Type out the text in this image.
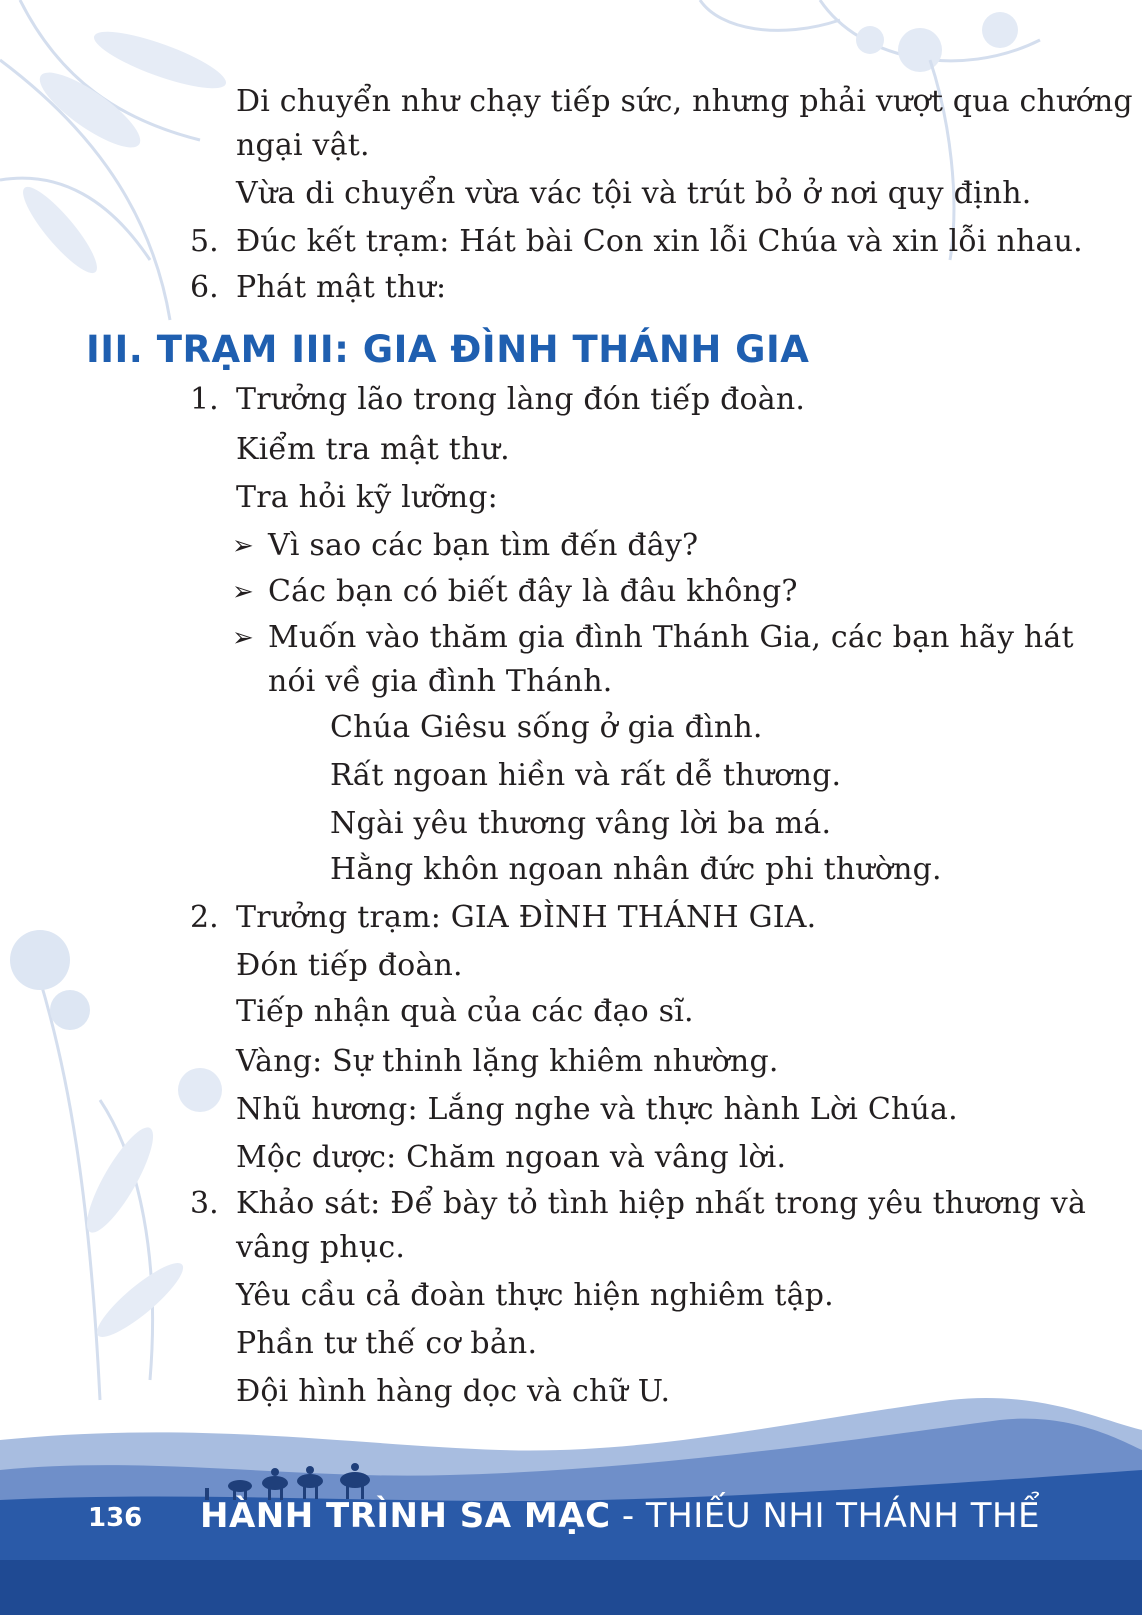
Di chuyển như chạy tiếp sức, nhưng phải vượt qua chướng
ngại vật.
Vừa di chuyển vừa vác tội và trút bỏ ở nơi quy định.
5. Đúc kết trạm: Hát bài Con xin lỗi Chúa và xin lỗi nhau.
6. Phát mật thư:
III. TRẠM III: GIA ĐÌNH THÁNH GIA
1. Trưởng lão trong làng đón tiếp đoàn.
Kiểm tra mật thư.
Tra hỏi kỹ lưỡng:
➢ Vì sao các bạn tìm đến đây?
➢ Các bạn có biết đây là đâu không?
➢ Muốn vào thăm gia đình Thánh Gia, các bạn hãy hát
nói về gia đình Thánh.
Chúa Giêsu sống ở gia đình.
Rất ngoan hiền và rất dễ thương.
Ngài yêu thương vâng lời ba má.
Hằng khôn ngoan nhân đức phi thường.
2. Trưởng trạm: GIA ĐÌNH THÁNH GIA.
Đón tiếp đoàn.
Tiếp nhận quà của các đạo sĩ.
Vàng: Sự thinh lặng khiêm nhường.
Nhũ hương: Lắng nghe và thực hành Lời Chúa.
Mộc dược: Chăm ngoan và vâng lời.
3. Khảo sát: Để bày tỏ tình hiệp nhất trong yêu thương và
vâng phục.
Yêu cầu cả đoàn thực hiện nghiêm tập.
Phần tư thế cơ bản.
Đội hình hàng dọc và chữ U.
136 HÀNH TRÌNH SA MẠC - THIẾU NHI THÁNH THỂ
